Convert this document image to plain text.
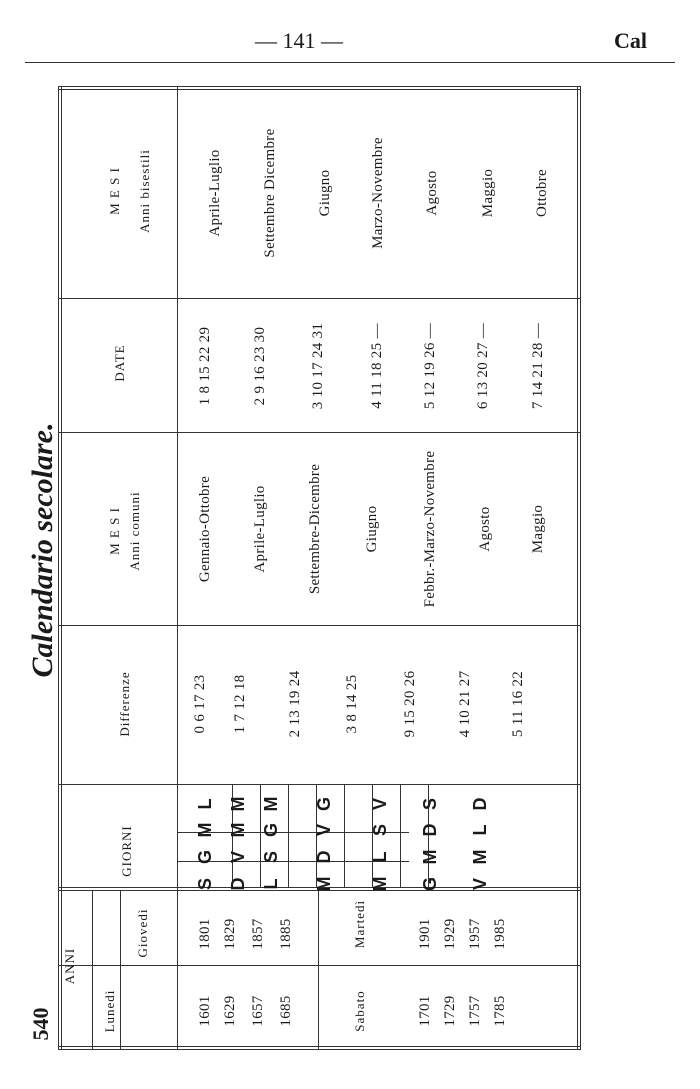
540
Calendario secolare.
— 141 —	Cal
ANNI
Lunedì
Giovedì
Sabato
Martedì
GIORNI
Differenze
M E S I Anni comuni
DATE
M E S I	Anni bisestili
1601
1801
S
G
M
L
0 6 17 23
Gennaio-Ottobre
1 8 15 22 29
Aprile-Luglio
1629
1829
D
V
M
M
1 7 12 18
Aprile-Luglio
2 9 16 23 30
Settembre Dicembre
1657
1857
L
S
G
M
2 13 19 24
Settembre-Dicembre
3 10 17 24 31
Giugno
1685
1885
M
D
V
G
3 8 14 25
Giugno
4 11 18 25 —
Marzo-Novembre
1701
1901
M
L
S
V
9 15 20 26
Febbr.-Marzo-Novembre
5 12 19 26 —
Agosto
1729
1929
G
M
D
S
4 10 21 27
Agosto
6 13 20 27 —
Maggio
1757
1957
V
M
L
D
5 11 16 22
Maggio
7 14 21 28 —
Ottobre
1785
1985
